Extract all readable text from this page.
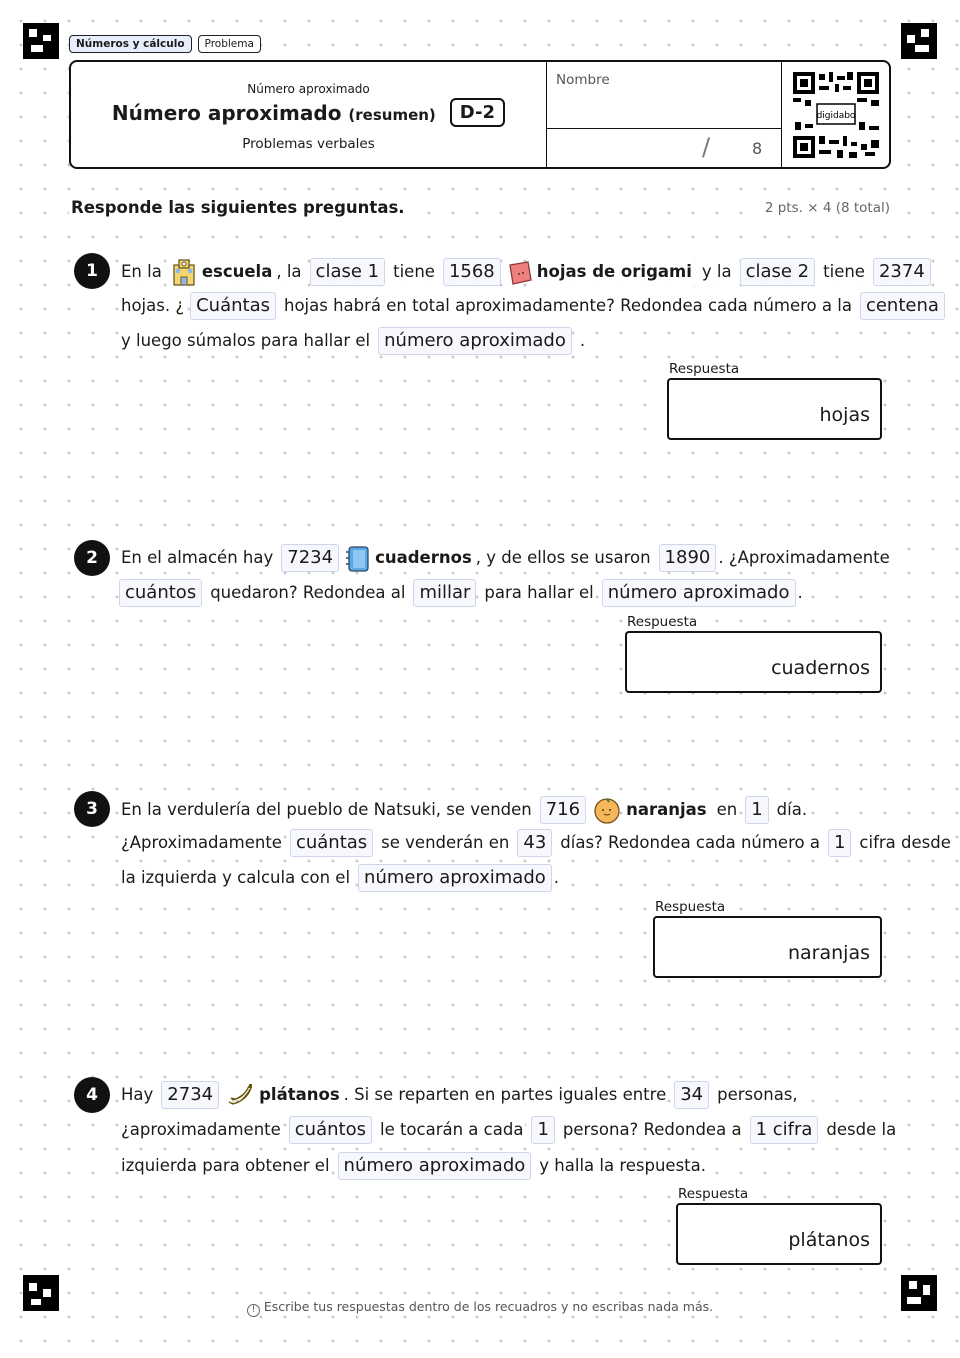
Números y cálculo	Problema
Número aproximado
Número aproximado (resumen)	D-2
Problemas verbales
Nombre
/	8
digidabo
Responde las siguientes preguntas.	2 pts. × 4 (8 total)
1	En la escuela , la clase 1 tiene 1568	hojas de origami y la clase 2 tiene 2374
hojas. ¿ Cuántas hojas habrá en total aproximadamente? Redondea cada número a la centena
y luego súmalos para hallar el número aproximado .
Respuesta
hojas
2	En el almacén hay 7234	cuadernos , y de ellos se usaron 1890 . ¿Aproximadamente
cuántos quedaron? Redondea al millar para hallar el número aproximado .
Respuesta
cuadernos
3	En la verdulería del pueblo de Natsuki, se venden 716	naranjas en 1 día.
¿Aproximadamente cuántas se venderán en 43 días? Redondea cada número a 1 cifra desde
la izquierda y calcula con el número aproximado .
Respuesta
naranjas
4	Hay 2734	plátanos . Si se reparten en partes iguales entre 34 personas,
¿aproximadamente cuántos le tocarán a cada 1 persona? Redondea a 1 cifra desde la
izquierda para obtener el número aproximado y halla la respuesta.
Respuesta
plátanos
! Escribe tus respuestas dentro de los recuadros y no escribas nada más.
